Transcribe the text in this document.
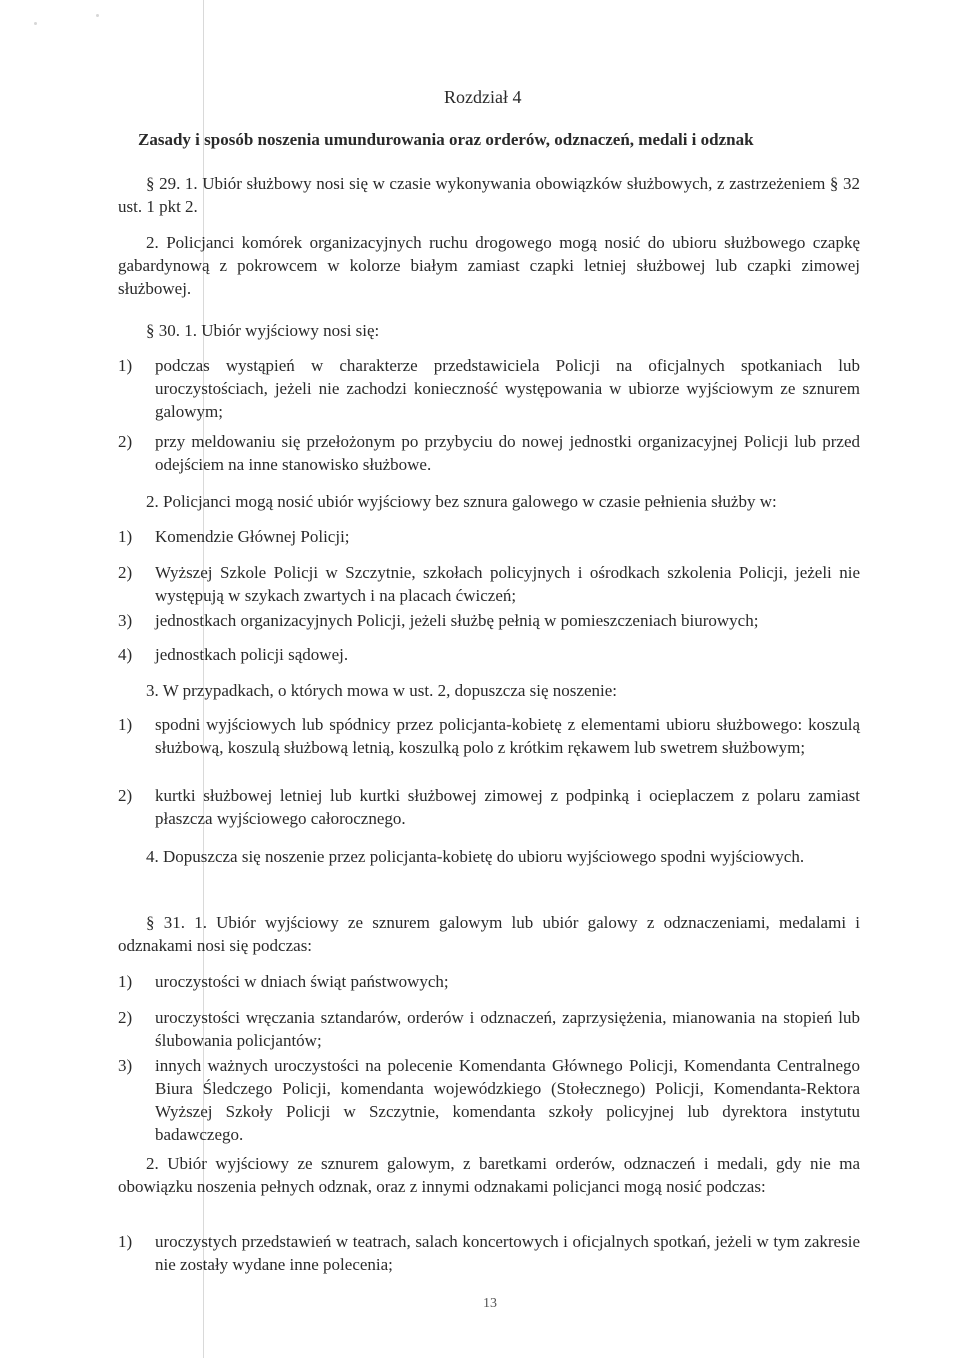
Rozdział 4
Zasady i sposób noszenia umundurowania oraz orderów, odznaczeń, medali i odznak
§ 29. 1. Ubiór służbowy nosi się w czasie wykonywania obowiązków służbowych, z zastrzeżeniem § 32 ust. 1 pkt 2.
2. Policjanci komórek organizacyjnych ruchu drogowego mogą nosić do ubioru służbowego czapkę gabardynową z pokrowcem w kolorze białym zamiast czapki letniej służbowej lub czapki zimowej służbowej.
§ 30. 1. Ubiór wyjściowy nosi się:
1) podczas wystąpień w charakterze przedstawiciela Policji na oficjalnych spotkaniach lub uroczystościach, jeżeli nie zachodzi konieczność występowania w ubiorze wyjściowym ze sznurem galowym;
2) przy meldowaniu się przełożonym po przybyciu do nowej jednostki organizacyjnej Policji lub przed odejściem na inne stanowisko służbowe.
2. Policjanci mogą nosić ubiór wyjściowy bez sznura galowego w czasie pełnienia służby w:
1) Komendzie Głównej Policji;
2) Wyższej Szkole Policji w Szczytnie, szkołach policyjnych i ośrodkach szkolenia Policji, jeżeli nie występują w szykach zwartych i na placach ćwiczeń;
3) jednostkach organizacyjnych Policji, jeżeli służbę pełnią w pomieszczeniach biurowych;
4) jednostkach policji sądowej.
3. W przypadkach, o których mowa w ust. 2, dopuszcza się noszenie:
1) spodni wyjściowych lub spódnicy przez policjanta-kobietę z elementami ubioru służbowego: koszulą służbową, koszulą służbową letnią, koszulką polo z krótkim rękawem lub swetrem służbowym;
2) kurtki służbowej letniej lub kurtki służbowej zimowej z podpinką i ocieplaczem z polaru zamiast płaszcza wyjściowego całorocznego.
4. Dopuszcza się noszenie przez policjanta-kobietę do ubioru wyjściowego spodni wyjściowych.
§ 31. 1. Ubiór wyjściowy ze sznurem galowym lub ubiór galowy z odznaczeniami, medalami i odznakami nosi się podczas:
1) uroczystości w dniach świąt państwowych;
2) uroczystości wręczania sztandarów, orderów i odznaczeń, zaprzysiężenia, mianowania na stopień lub ślubowania policjantów;
3) innych ważnych uroczystości na polecenie Komendanta Głównego Policji, Komendanta Centralnego Biura Śledczego Policji, komendanta wojewódzkiego (Stołecznego) Policji, Komendanta-Rektora Wyższej Szkoły Policji w Szczytnie, komendanta szkoły policyjnej lub dyrektora instytutu badawczego.
2. Ubiór wyjściowy ze sznurem galowym, z baretkami orderów, odznaczeń i medali, gdy nie ma obowiązku noszenia pełnych odznak, oraz z innymi odznakami policjanci mogą nosić podczas:
1) uroczystych przedstawień w teatrach, salach koncertowych i oficjalnych spotkań, jeżeli w tym zakresie nie zostały wydane inne polecenia;
13
